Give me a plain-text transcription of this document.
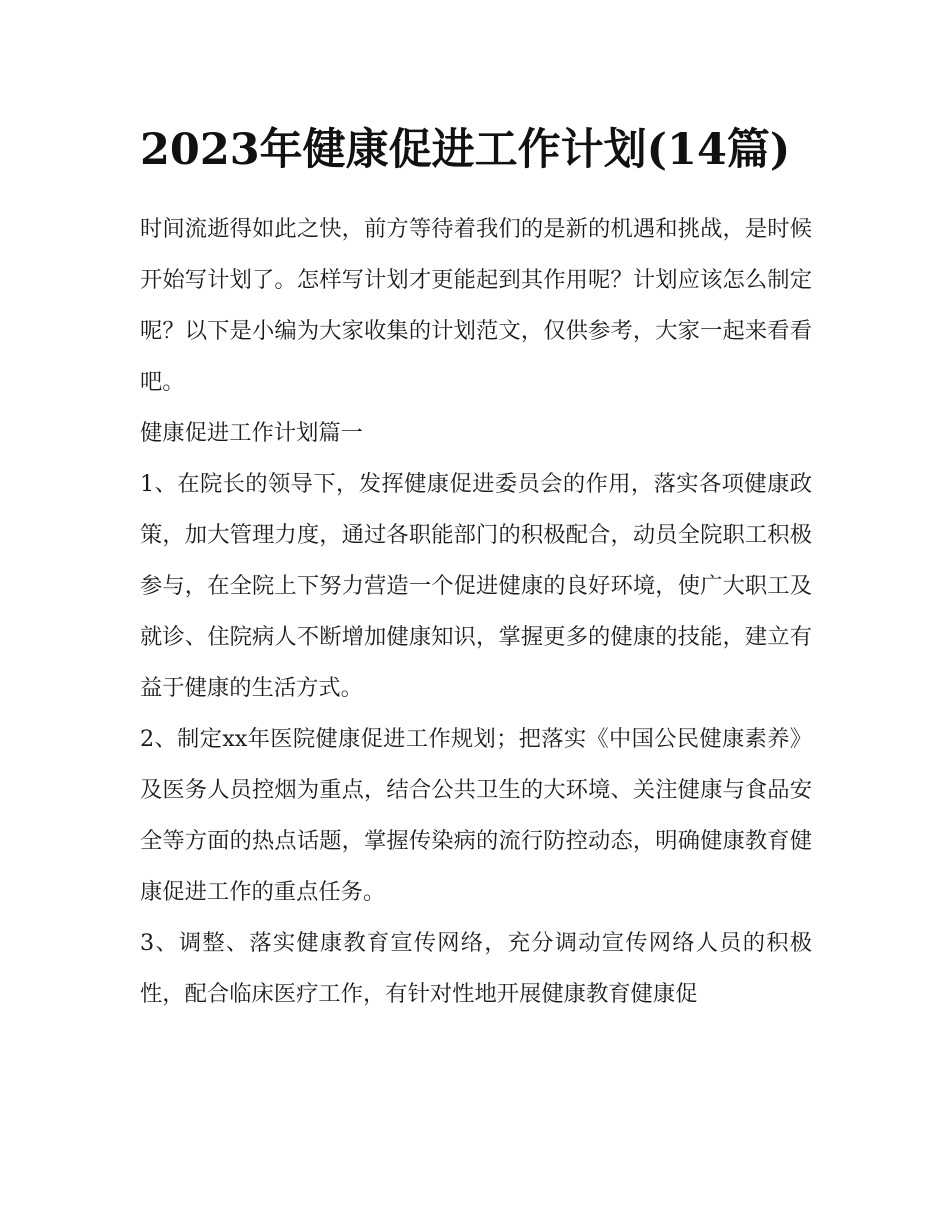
2023年健康促进工作计划(14篇)

时间流逝得如此之快，前方等待着我们的是新的机遇和挑战，是时候开始写计划了。怎样写计划才更能起到其作用呢？计划应该怎么制定呢？以下是小编为大家收集的计划范文，仅供参考，大家一起来看看吧。

健康促进工作计划篇一

1、在院长的领导下，发挥健康促进委员会的作用，落实各项健康政策，加大管理力度，通过各职能部门的积极配合，动员全院职工积极参与，在全院上下努力营造一个促进健康的良好环境，使广大职工及就诊、住院病人不断增加健康知识，掌握更多的健康的技能，建立有益于健康的生活方式。

2、制定xx年医院健康促进工作规划；把落实《中国公民健康素养》及医务人员控烟为重点，结合公共卫生的大环境、关注健康与食品安全等方面的热点话题，掌握传染病的流行防控动态，明确健康教育健康促进工作的重点任务。

3、调整、落实健康教育宣传网络，充分调动宣传网络人员的积极性，配合临床医疗工作，有针对性地开展健康教育健康促
